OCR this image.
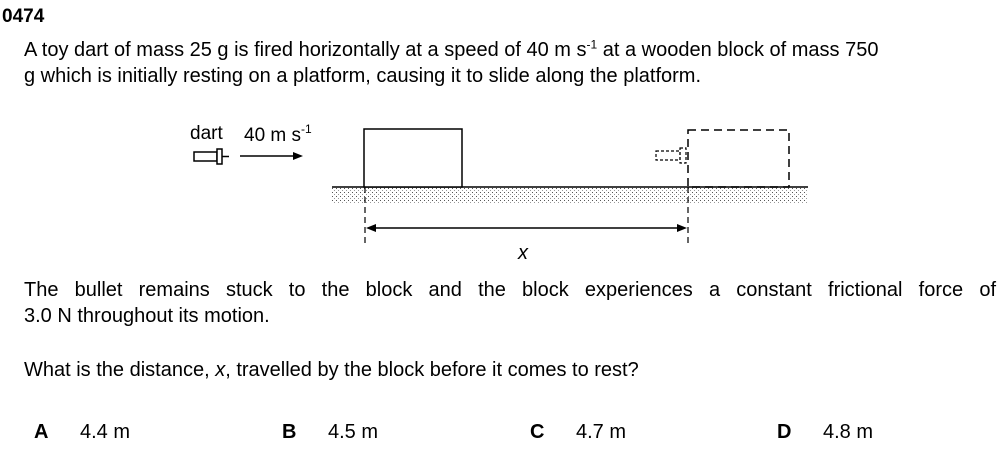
0474

A toy dart of mass 25 g is fired horizontally at a speed of 40 m $s^{-1}$ at a wooden block of mass 750
g which is initially resting on a platform, causing it to slide along the platform.

dart 40 m $s^{-1}$
x

The bullet remains stuck to the block and the block experiences a constant frictional force of
3.0 N throughout its motion.

What is the distance, x, travelled by the block before it comes to rest?

A 4.4 m	B 4.5 m	C 4.7 m	D 4.8 m
